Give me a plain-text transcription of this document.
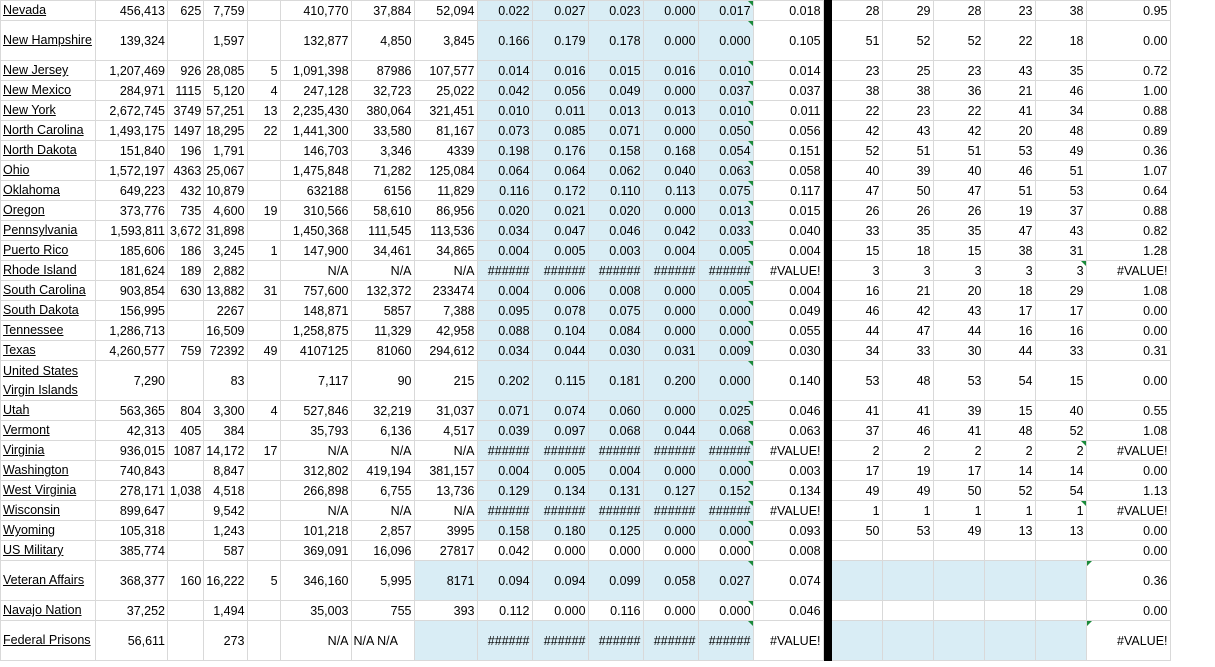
Nevada	456,413	625	7,759		410,770	37,884	52,094	0.022	0.027	0.023	0.000	0.017	0.018		28	29	28	23	38	0.95
New Hampshire	139,324		1,597		132,877	4,850	3,845	0.166	0.179	0.178	0.000	0.000	0.105		51	52	52	22	18	0.00
New Jersey	1,207,469	926	28,085	5	1,091,398	87986	107,577	0.014	0.016	0.015	0.016	0.010	0.014		23	25	23	43	35	0.72
New Mexico	284,971	1115	5,120	4	247,128	32,723	25,022	0.042	0.056	0.049	0.000	0.037	0.037		38	38	36	21	46	1.00
New York	2,672,745	3749	57,251	13	2,235,430	380,064	321,451	0.010	0.011	0.013	0.013	0.010	0.011		22	23	22	41	34	0.88
North Carolina	1,493,175	1497	18,295	22	1,441,300	33,580	81,167	0.073	0.085	0.071	0.000	0.050	0.056		42	43	42	20	48	0.89
North Dakota	151,840	196	1,791		146,703	3,346	4339	0.198	0.176	0.158	0.168	0.054	0.151		52	51	51	53	49	0.36
Ohio	1,572,197	4363	25,067		1,475,848	71,282	125,084	0.064	0.064	0.062	0.040	0.063	0.058		40	39	40	46	51	1.07
Oklahoma	649,223	432	10,879		632188	6156	11,829	0.116	0.172	0.110	0.113	0.075	0.117		47	50	47	51	53	0.64
Oregon	373,776	735	4,600	19	310,566	58,610	86,956	0.020	0.021	0.020	0.000	0.013	0.015		26	26	26	19	37	0.88
Pennsylvania	1,593,811	3,672	31,898		1,450,368	111,545	113,536	0.034	0.047	0.046	0.042	0.033	0.040		33	35	35	47	43	0.82
Puerto Rico	185,606	186	3,245	1	147,900	34,461	34,865	0.004	0.005	0.003	0.004	0.005	0.004		15	18	15	38	31	1.28
Rhode Island	181,624	189	2,882		N/A	N/A	N/A	######	######	######	######	######	#VALUE!		3	3	3	3	3	#VALUE!
South Carolina	903,854	630	13,882	31	757,600	132,372	233474	0.004	0.006	0.008	0.000	0.005	0.004		16	21	20	18	29	1.08
South Dakota	156,995		2267		148,871	5857	7,388	0.095	0.078	0.075	0.000	0.000	0.049		46	42	43	17	17	0.00
Tennessee	1,286,713		16,509		1,258,875	11,329	42,958	0.088	0.104	0.084	0.000	0.000	0.055		44	47	44	16	16	0.00
Texas	4,260,577	759	72392	49	4107125	81060	294,612	0.034	0.044	0.030	0.031	0.009	0.030		34	33	30	44	33	0.31
United States Virgin Islands	7,290		83		7,117	90	215	0.202	0.115	0.181	0.200	0.000	0.140		53	48	53	54	15	0.00
Utah	563,365	804	3,300	4	527,846	32,219	31,037	0.071	0.074	0.060	0.000	0.025	0.046		41	41	39	15	40	0.55
Vermont	42,313	405	384		35,793	6,136	4,517	0.039	0.097	0.068	0.044	0.068	0.063		37	46	41	48	52	1.08
Virginia	936,015	1087	14,172	17	N/A	N/A	N/A	######	######	######	######	######	#VALUE!		2	2	2	2	2	#VALUE!
Washington	740,843		8,847		312,802	419,194	381,157	0.004	0.005	0.004	0.000	0.000	0.003		17	19	17	14	14	0.00
West Virginia	278,171	1,038	4,518		266,898	6,755	13,736	0.129	0.134	0.131	0.127	0.152	0.134		49	49	50	52	54	1.13
Wisconsin	899,647		9,542		N/A	N/A	N/A	######	######	######	######	######	#VALUE!		1	1	1	1	1	#VALUE!
Wyoming	105,318		1,243		101,218	2,857	3995	0.158	0.180	0.125	0.000	0.000	0.093		50	53	49	13	13	0.00
US Military	385,774		587		369,091	16,096	27817	0.042	0.000	0.000	0.000	0.000	0.008							0.00
Veteran Affairs	368,377	160	16,222	5	346,160	5,995	8171	0.094	0.094	0.099	0.058	0.027	0.074							0.36
Navajo Nation	37,252		1,494		35,003	755	393	0.112	0.000	0.116	0.000	0.000	0.046							0.00
Federal Prisons	56,611		273		N/A	N/A N/A		######	######	######	######	######	#VALUE!							#VALUE!
